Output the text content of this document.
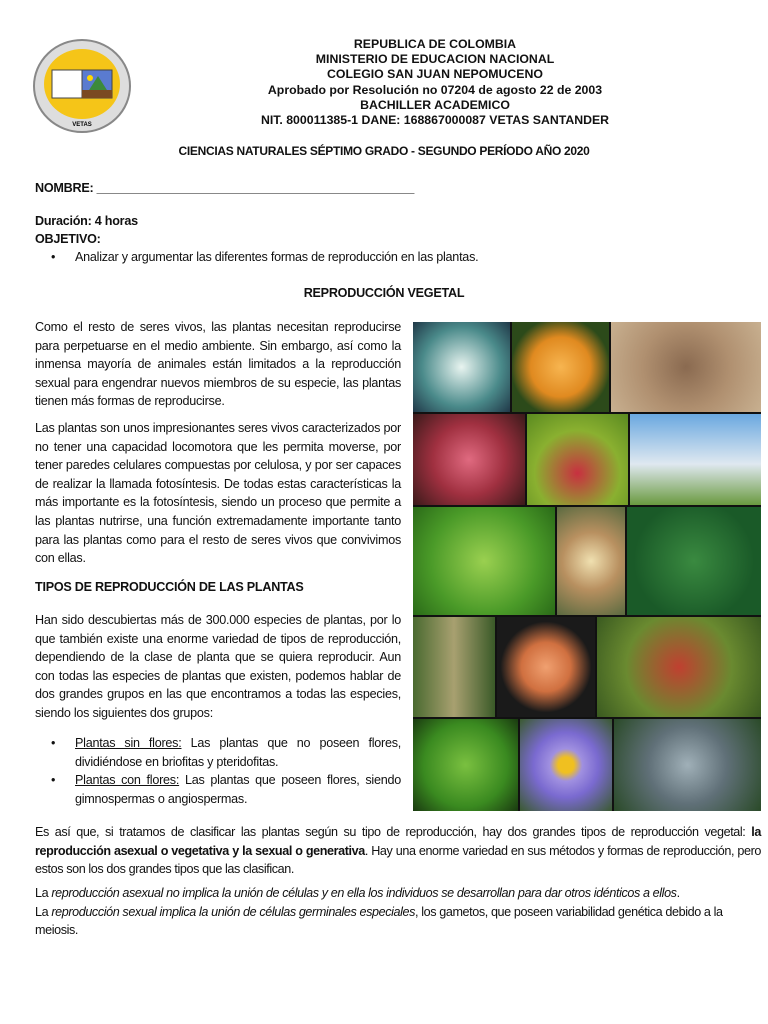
VETAS
REPUBLICA DE COLOMBIA
MINISTERIO DE EDUCACION NACIONAL
COLEGIO SAN JUAN NEPOMUCENO
Aprobado por Resolución no 07204 de agosto 22 de 2003
BACHILLER ACADEMICO
NIT. 800011385-1 DANE: 168867000087 VETAS SANTANDER
CIENCIAS NATURALES SÉPTIMO GRADO - SEGUNDO PERÍODO AÑO 2020
NOMBRE: _______________________________________________
Duración: 4 horas
OBJETIVO:
• Analizar y argumentar las diferentes formas de reproducción en las plantas.
REPRODUCCIÓN VEGETAL
Como el resto de seres vivos, las plantas necesitan reproducirse para perpetuarse en el medio ambiente. Sin embargo, así como la inmensa mayoría de animales están limitados a la reproducción sexual para engendrar nuevos miembros de su especie, las plantas tienen más formas de reproducirse.
Las plantas son unos impresionantes seres vivos caracterizados por no tener una capacidad locomotora que les permita moverse, por tener paredes celulares compuestas por celulosa, y por ser capaces de realizar la llamada fotosíntesis. De todas estas características la más importante es la fotosíntesis, siendo un proceso que permite a las plantas nutrirse, una función extremadamente importante tanto para las plantas como para el resto de seres vivos que convivimos con ellas.
TIPOS DE REPRODUCCIÓN DE LAS PLANTAS
Han sido descubiertas más de 300.000 especies de plantas, por lo que también existe una enorme variedad de tipos de reproducción, dependiendo de la clase de planta que se quiera reproducir. Aun con todas las especies de plantas que existen, podemos hablar de dos grandes grupos en las que encontramos a todas las especies, siendo los siguientes dos grupos:
• Plantas sin flores: Las plantas que no poseen flores, dividiéndose en briofitas y pteridofitas.
• Plantas con flores: Las plantas que poseen flores, siendo gimnospermas o angiospermas.
Es así que, si tratamos de clasificar las plantas según su tipo de reproducción, hay dos grandes tipos de reproducción vegetal: la reproducción asexual o vegetativa y la sexual o generativa. Hay una enorme variedad en sus métodos y formas de reproducción, pero estos son los dos grandes tipos que las clasifican.
La reproducción asexual no implica la unión de células y en ella los individuos se desarrollan para dar otros idénticos a ellos.
La reproducción sexual implica la unión de células germinales especiales, los gametos, que poseen variabilidad genética debido a la meiosis.
